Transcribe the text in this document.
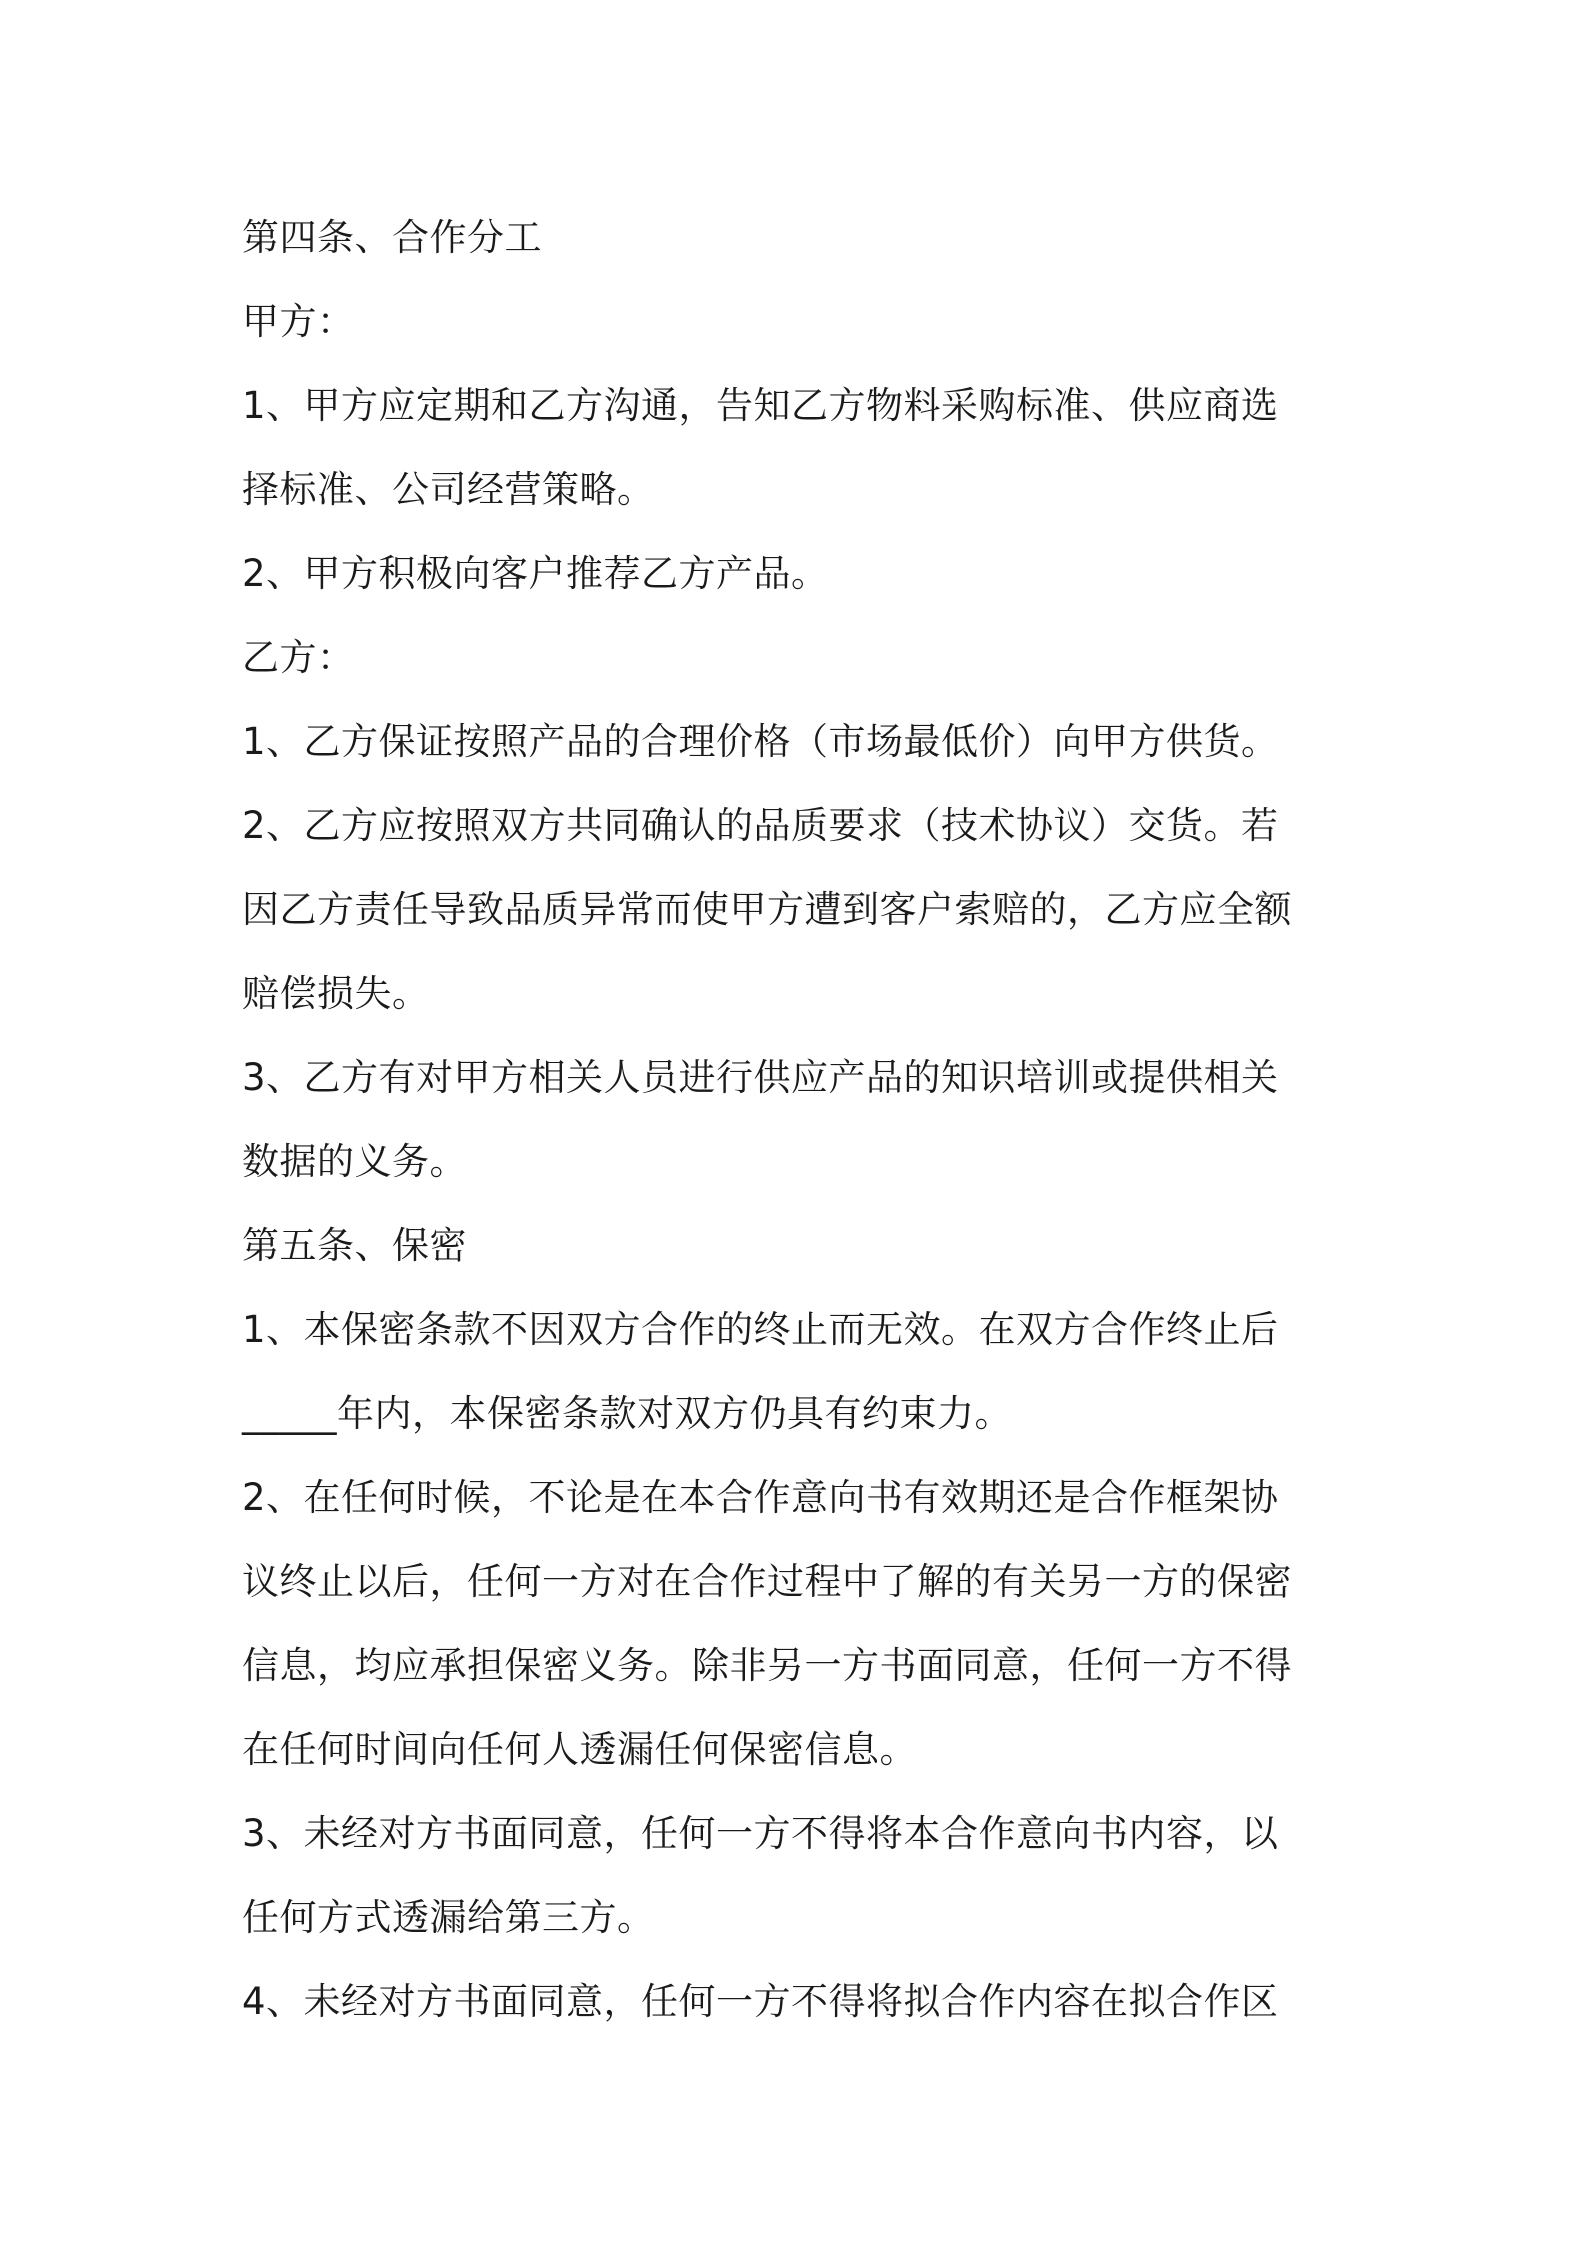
第四条、合作分工
甲方：
1、甲方应定期和乙方沟通，告知乙方物料采购标准、供应商选
择标准、公司经营策略。
2、甲方积极向客户推荐乙方产品。
乙方：
1、乙方保证按照产品的合理价格（市场最低价）向甲方供货。
2、乙方应按照双方共同确认的品质要求（技术协议）交货。若
因乙方责任导致品质异常而使甲方遭到客户索赔的，乙方应全额
赔偿损失。
3、乙方有对甲方相关人员进行供应产品的知识培训或提供相关
数据的义务。
第五条、保密
1、本保密条款不因双方合作的终止而无效。在双方合作终止后
_____年内，本保密条款对双方仍具有约束力。
2、在任何时候，不论是在本合作意向书有效期还是合作框架协
议终止以后，任何一方对在合作过程中了解的有关另一方的保密
信息，均应承担保密义务。除非另一方书面同意，任何一方不得
在任何时间向任何人透漏任何保密信息。
3、未经对方书面同意，任何一方不得将本合作意向书内容，以
任何方式透漏给第三方。
4、未经对方书面同意，任何一方不得将拟合作内容在拟合作区
